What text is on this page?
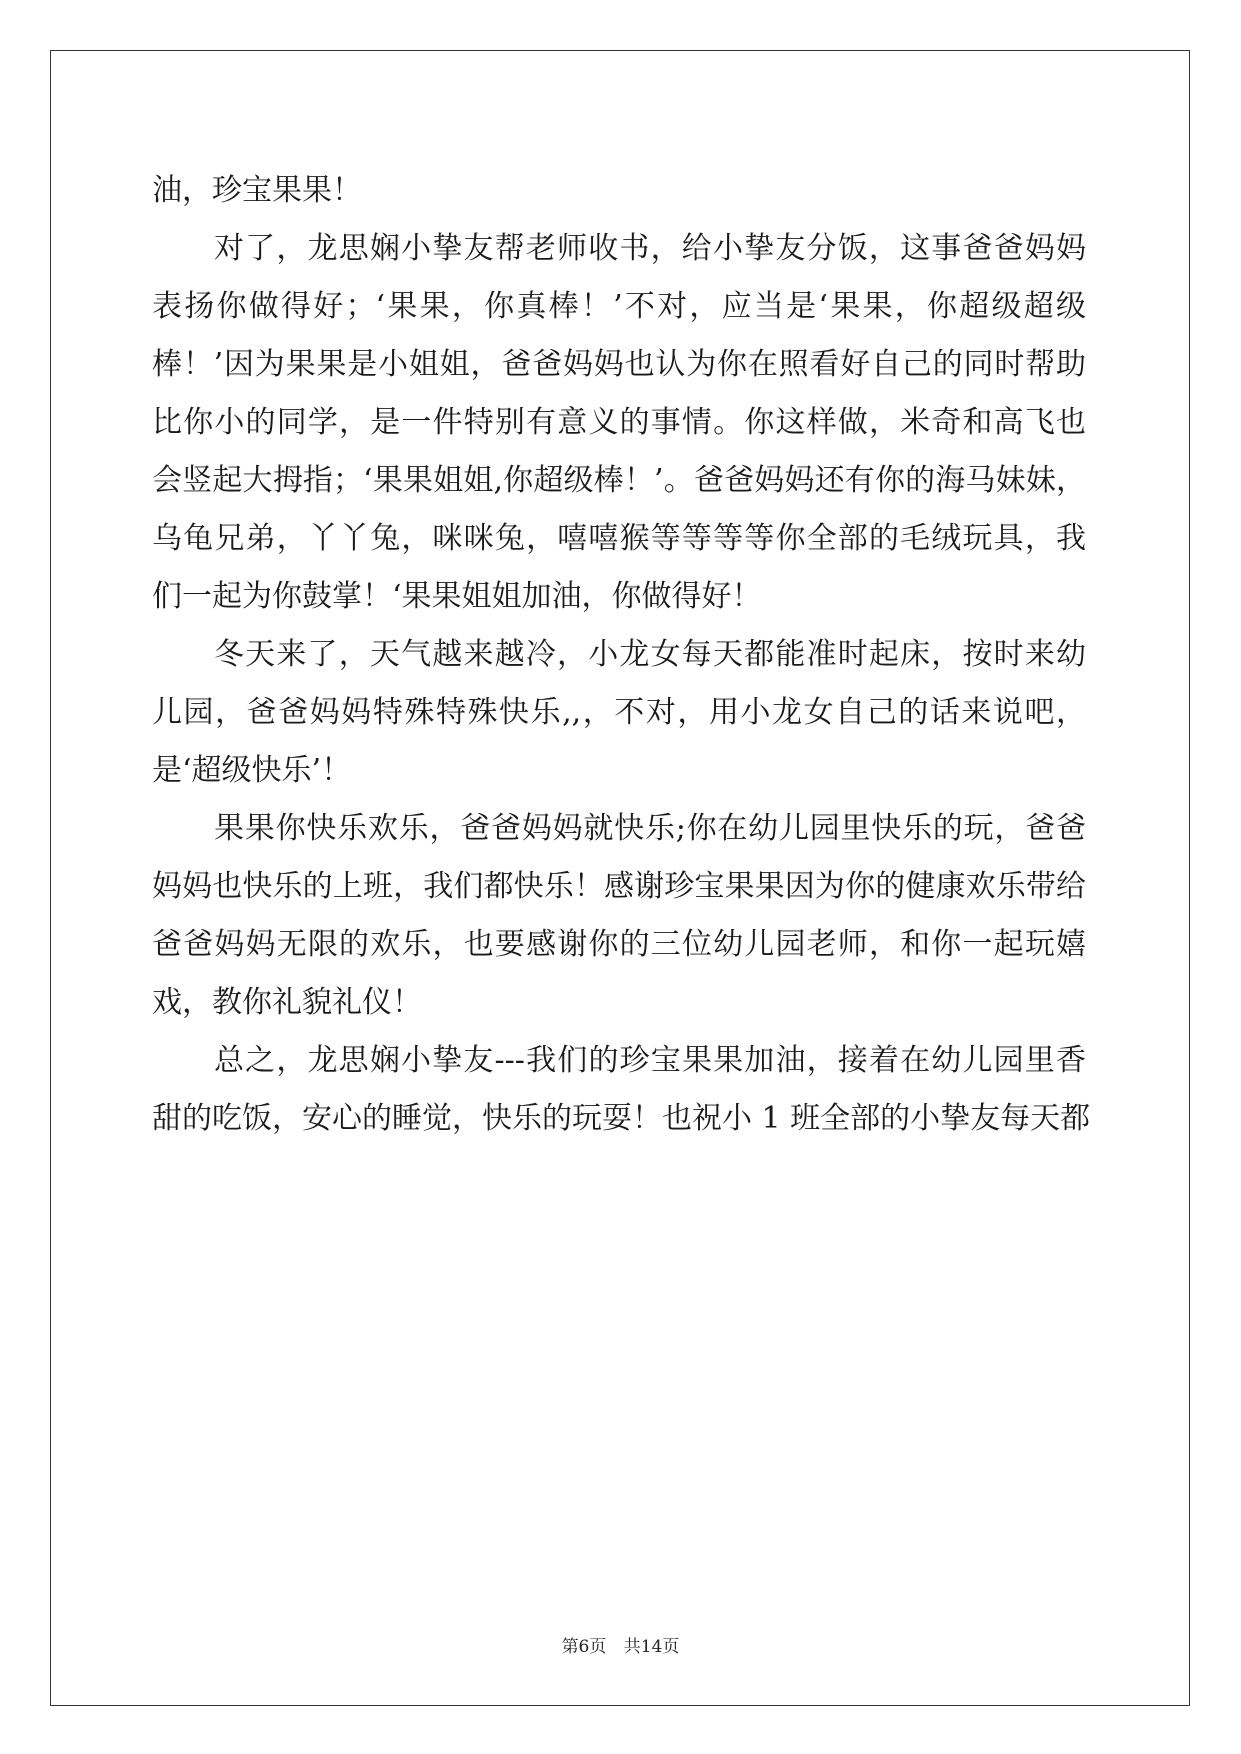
油，珍宝果果！
对了，龙思娴小挚友帮老师收书，给小挚友分饭，这事爸爸妈妈
表扬你做得好；‘果果，你真棒！’不对，应当是‘果果，你超级超级
棒！’因为果果是小姐姐，爸爸妈妈也认为你在照看好自己的同时帮助
比你小的同学，是一件特别有意义的事情。你这样做，米奇和高飞也
会竖起大拇指；‘果果姐姐,你超级棒！’。爸爸妈妈还有你的海马妹妹，
乌龟兄弟，丫丫兔，咪咪兔，嘻嘻猴等等等等你全部的毛绒玩具，我
们一起为你鼓掌！‘果果姐姐加油，你做得好！
冬天来了，天气越来越冷，小龙女每天都能准时起床，按时来幼
儿园，爸爸妈妈特殊特殊快乐,,，不对，用小龙女自己的话来说吧，
是‘超级快乐’！
果果你快乐欢乐，爸爸妈妈就快乐;你在幼儿园里快乐的玩，爸爸
妈妈也快乐的上班，我们都快乐！感谢珍宝果果因为你的健康欢乐带给
爸爸妈妈无限的欢乐，也要感谢你的三位幼儿园老师，和你一起玩嬉
戏，教你礼貌礼仪！
总之，龙思娴小挚友---我们的珍宝果果加油，接着在幼儿园里香
甜的吃饭，安心的睡觉，快乐的玩耍！也祝小 1 班全部的小挚友每天都
第6页 共14页
